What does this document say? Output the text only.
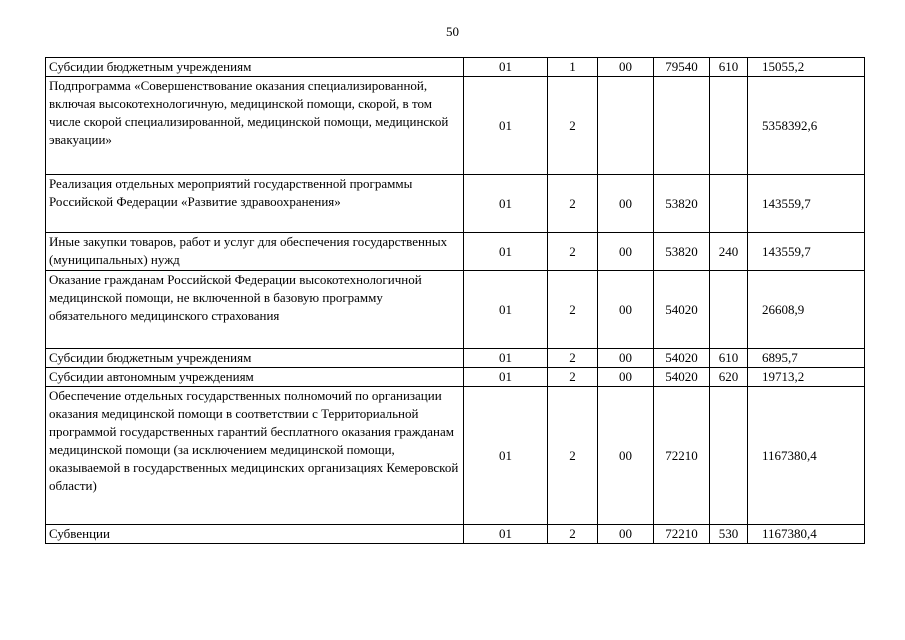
50
Субсидии бюджетным учреждениям	01	1	00	79540	610	15055,2
Подпрограмма «Совершенствование оказания специализированной, включая высокотехнологичную, медицинской помощи, скорой, в том числе скорой специализированной, медицинской помощи, медицинской эвакуации»	01	2				5358392,6
Реализация отдельных мероприятий государственной программы Российской Федерации «Развитие здравоохранения»	01	2	00	53820		143559,7
Иные закупки товаров, работ и услуг для обеспечения государственных (муниципальных) нужд	01	2	00	53820	240	143559,7
Оказание гражданам Российской Федерации высокотехнологичной медицинской помощи, не включенной в базовую программу обязательного медицинского страхования	01	2	00	54020		26608,9
Субсидии бюджетным учреждениям	01	2	00	54020	610	6895,7
Субсидии автономным учреждениям	01	2	00	54020	620	19713,2
Обеспечение отдельных государственных полномочий по организации оказания медицинской помощи в соответствии с Территориальной программой государственных гарантий бесплатного оказания гражданам медицинской помощи (за исключением медицинской помощи, оказываемой в государственных медицинских организациях Кемеровской области)	01	2	00	72210		1167380,4
Субвенции	01	2	00	72210	530	1167380,4
